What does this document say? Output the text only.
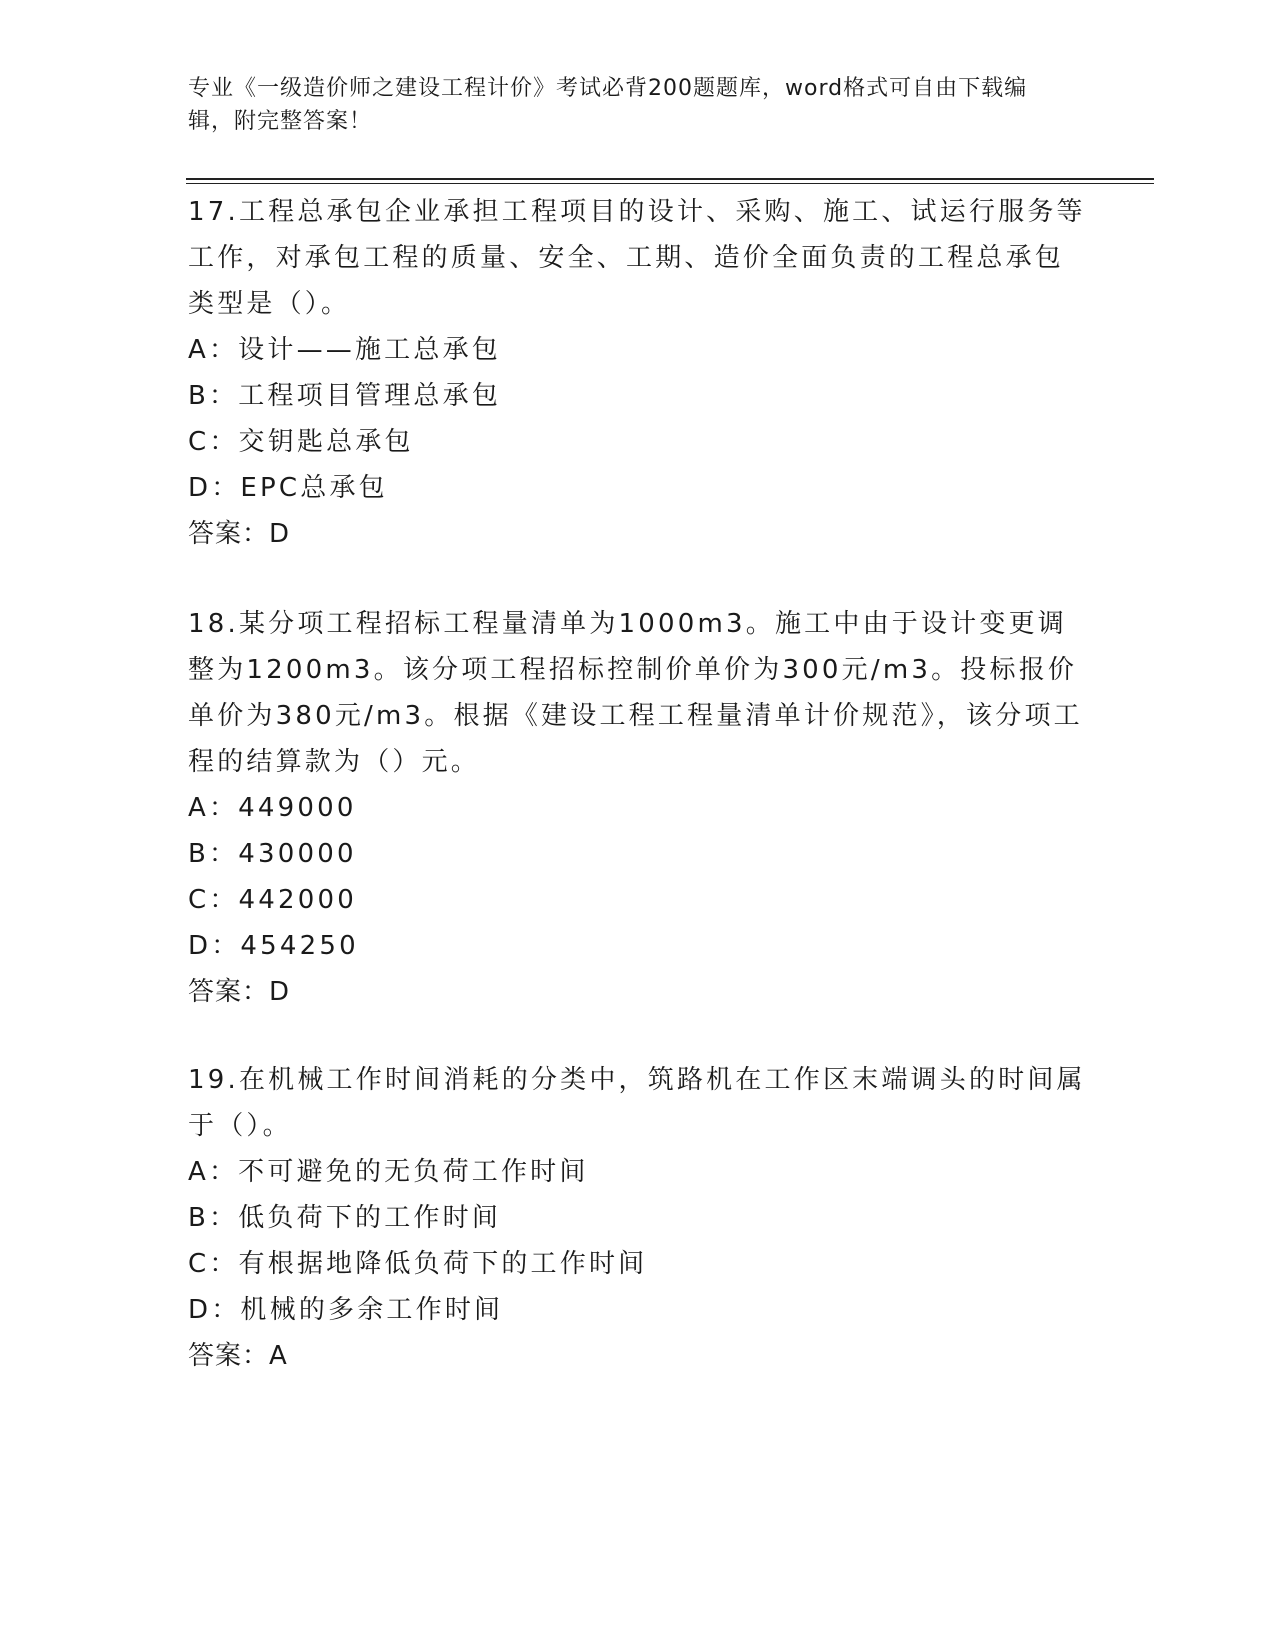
专业《一级造价师之建设工程计价》考试必背200题题库，word格式可自由下载编辑，附完整答案！

17.工程总承包企业承担工程项目的设计、采购、施工、试运行服务等工作，对承包工程的质量、安全、工期、造价全面负责的工程总承包类型是（）。

A：设计——施工总承包

B：工程项目管理总承包

C：交钥匙总承包

D：EPC总承包

答案：D

18.某分项工程招标工程量清单为1000m3。施工中由于设计变更调整为1200m3。该分项工程招标控制价单价为300元/m3。投标报价单价为380元/m3。根据《建设工程工程量清单计价规范》，该分项工程的结算款为（）元。

A：449000

B：430000

C：442000

D：454250

答案：D

19.在机械工作时间消耗的分类中，筑路机在工作区末端调头的时间属于（）。

A：不可避免的无负荷工作时间

B：低负荷下的工作时间

C：有根据地降低负荷下的工作时间

D：机械的多余工作时间

答案：A
